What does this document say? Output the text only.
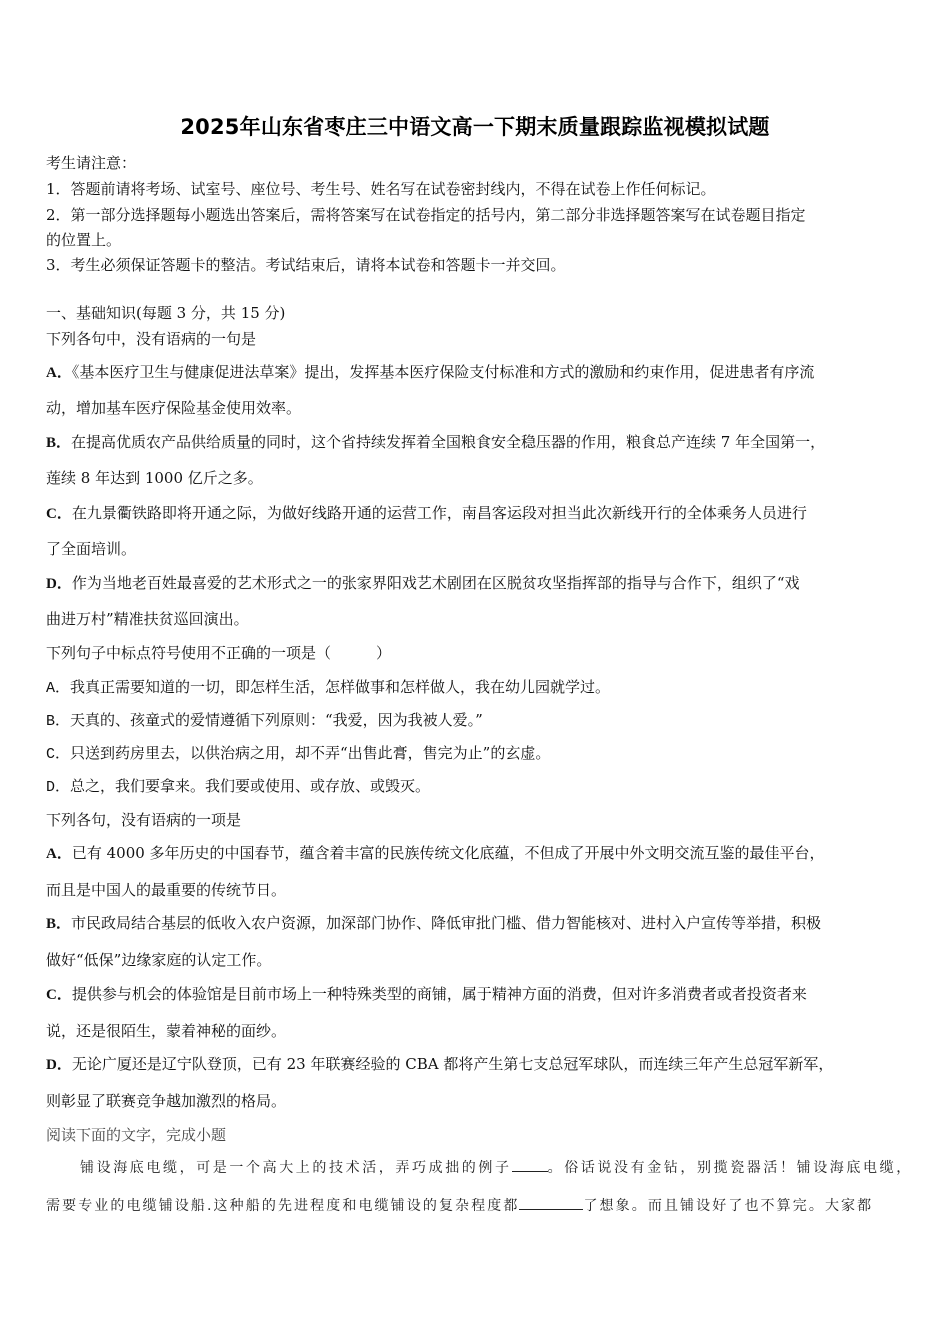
2025年山东省枣庄三中语文高一下期末质量跟踪监视模拟试题
考生请注意：
1．答题前请将考场、试室号、座位号、考生号、姓名写在试卷密封线内，不得在试卷上作任何标记。
2．第一部分选择题每小题选出答案后，需将答案写在试卷指定的括号内，第二部分非选择题答案写在试卷题目指定
的位置上。
3．考生必须保证答题卡的整洁。考试结束后，请将本试卷和答题卡一并交回。
一、基础知识(每题 3 分，共 15 分)
下列各句中，没有语病的一句是
A．《基本医疗卫生与健康促进法草案》提出，发挥基本医疗保险支付标准和方式的激励和约束作用，促进患者有序流
动，增加基车医疗保险基金使用效率。
B．在提高优质农产品供给质量的同时，这个省持续发挥着全国粮食安全稳压器的作用，粮食总产连续 7 年全国第一，
莲续 8 年达到 1000 亿斤之多。
C．在九景衢铁路即将开通之际，为做好线路开通的运营工作，南昌客运段对担当此次新线开行的全体乘务人员进行
了全面培训。
D．作为当地老百姓最喜爱的艺术形式之一的张家界阳戏艺术剧团在区脱贫攻坚指挥部的指导与合作下，组织了“戏
曲进万村”精准扶贫巡回演出。
下列句子中标点符号使用不正确的一项是（　　　）
A．我真正需要知道的一切，即怎样生活，怎样做事和怎样做人，我在幼儿园就学过。
B．天真的、孩童式的爱情遵循下列原则：“我爱，因为我被人爱。”
C．只送到药房里去，以供治病之用，却不弄“出售此膏，售完为止”的玄虚。
D．总之，我们要拿来。我们要或使用、或存放、或毁灭。
下列各句，没有语病的一项是
A．已有 4000 多年历史的中国春节，蕴含着丰富的民族传统文化底蕴，不但成了开展中外文明交流互鉴的最佳平台，
而且是中国人的最重要的传统节日。
B．市民政局结合基层的低收入农户资源，加深部门协作、降低审批门槛、借力智能核对、进村入户宣传等举措，积极
做好“低保”边缘家庭的认定工作。
C．提供参与机会的体验馆是目前市场上一种特殊类型的商铺，属于精神方面的消费，但对许多消费者或者投资者来
说，还是很陌生，蒙着神秘的面纱。
D．无论广厦还是辽宁队登顶，已有 23 年联赛经验的 CBA 都将产生第七支总冠军球队，而连续三年产生总冠军新军，
则彰显了联赛竞争越加激烈的格局。
阅读下面的文字，完成小题
铺设海底电缆，可是一个高大上的技术活，弄巧成拙的例子	。俗话说没有金钻，别揽瓷器活！铺设海底电缆，
需要专业的电缆铺设船.这种船的先进程度和电缆铺设的复杂程度都	了想象。而且铺设好了也不算完。大家都
